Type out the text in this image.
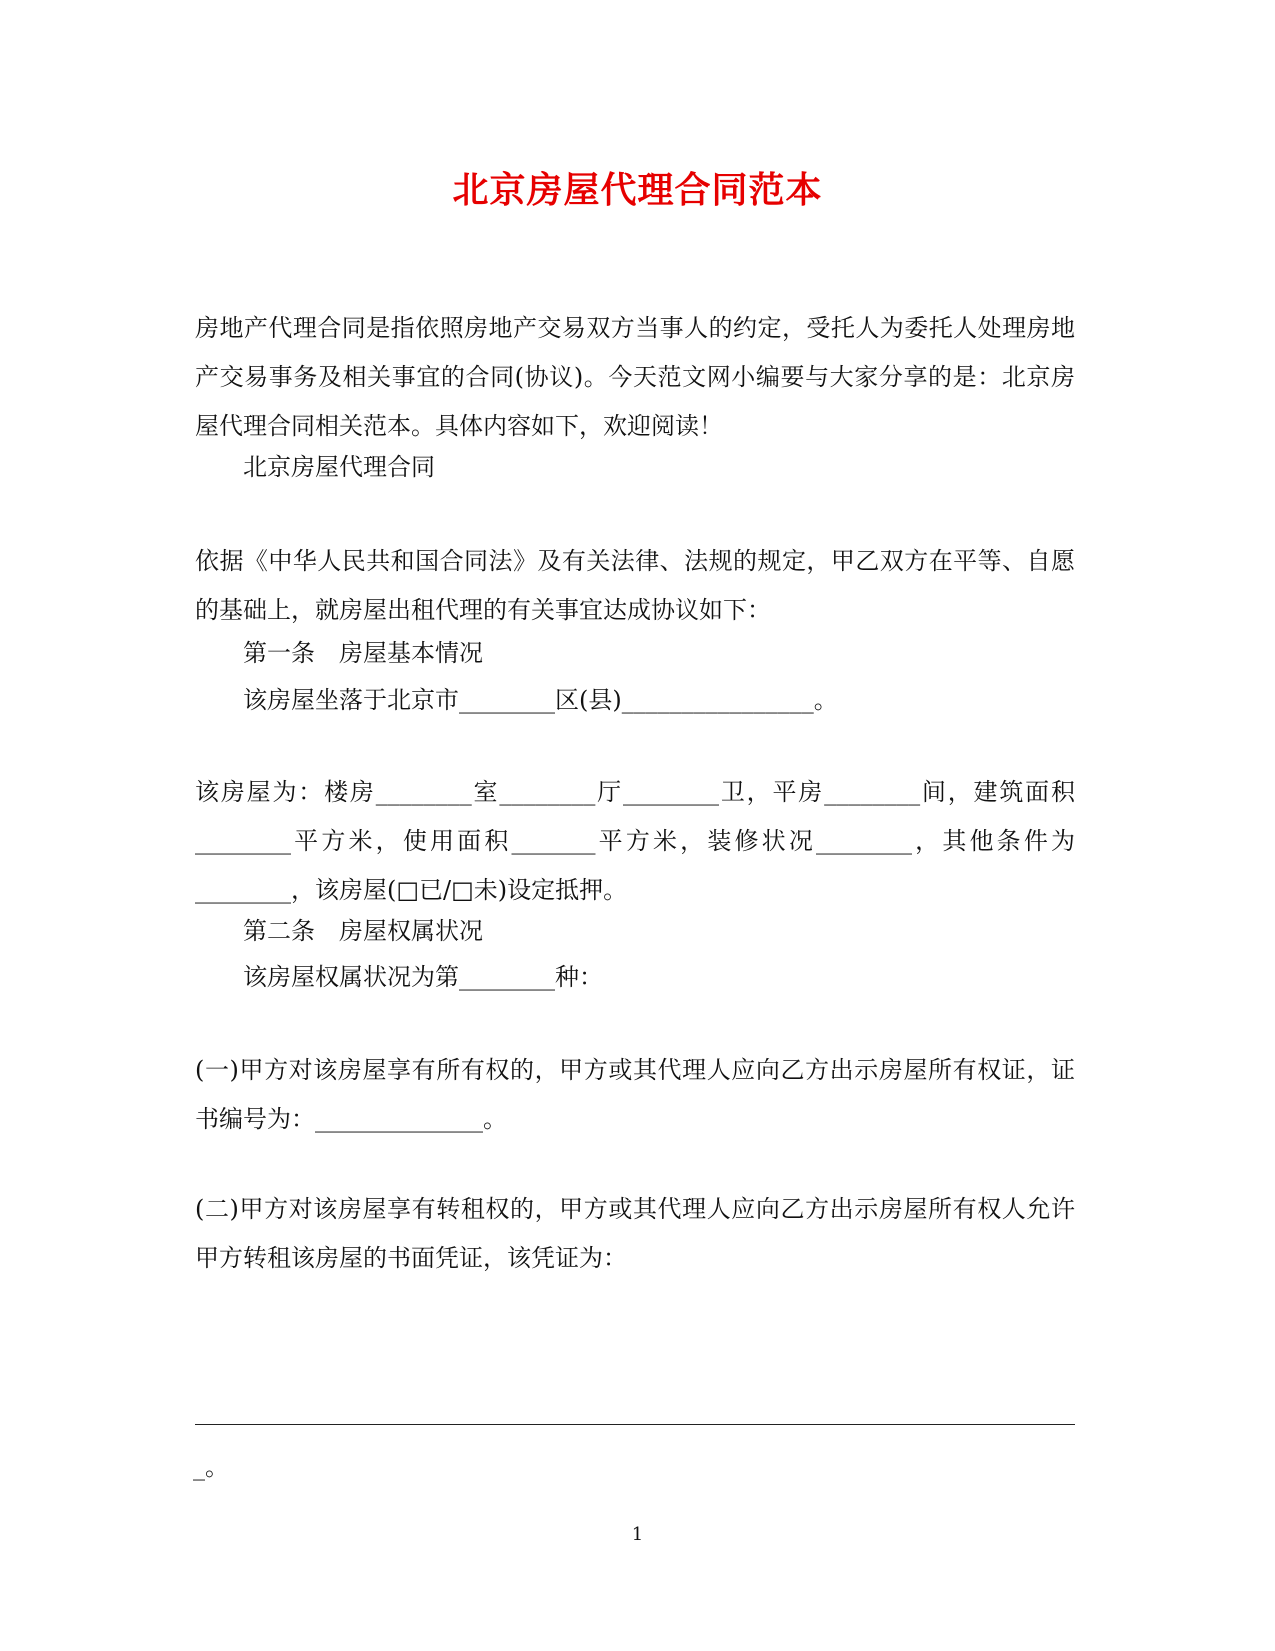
北京房屋代理合同范本
房地产代理合同是指依照房地产交易双方当事人的约定，受托人为委托人处理房地产交易事务及相关事宜的合同(协议)。今天范文网小编要与大家分享的是：北京房屋代理合同相关范本。具体内容如下，欢迎阅读！
北京房屋代理合同
依据《中华人民共和国合同法》及有关法律、法规的规定，甲乙双方在平等、自愿的基础上，就房屋出租代理的有关事宜达成协议如下：
第一条　房屋基本情况
该房屋坐落于北京市________区(县)________________。
该房屋为：楼房________室________厅________卫，平房________间，建筑面积________平方米，使用面积_______平方米，装修状况________，其他条件为________，该房屋(□已/□未)设定抵押。
第二条　房屋权属状况
该房屋权属状况为第________种：
(一)甲方对该房屋享有所有权的，甲方或其代理人应向乙方出示房屋所有权证，证书编号为：______________。
(二)甲方对该房屋享有转租权的，甲方或其代理人应向乙方出示房屋所有权人允许甲方转租该房屋的书面凭证，该凭证为：
_。
1
